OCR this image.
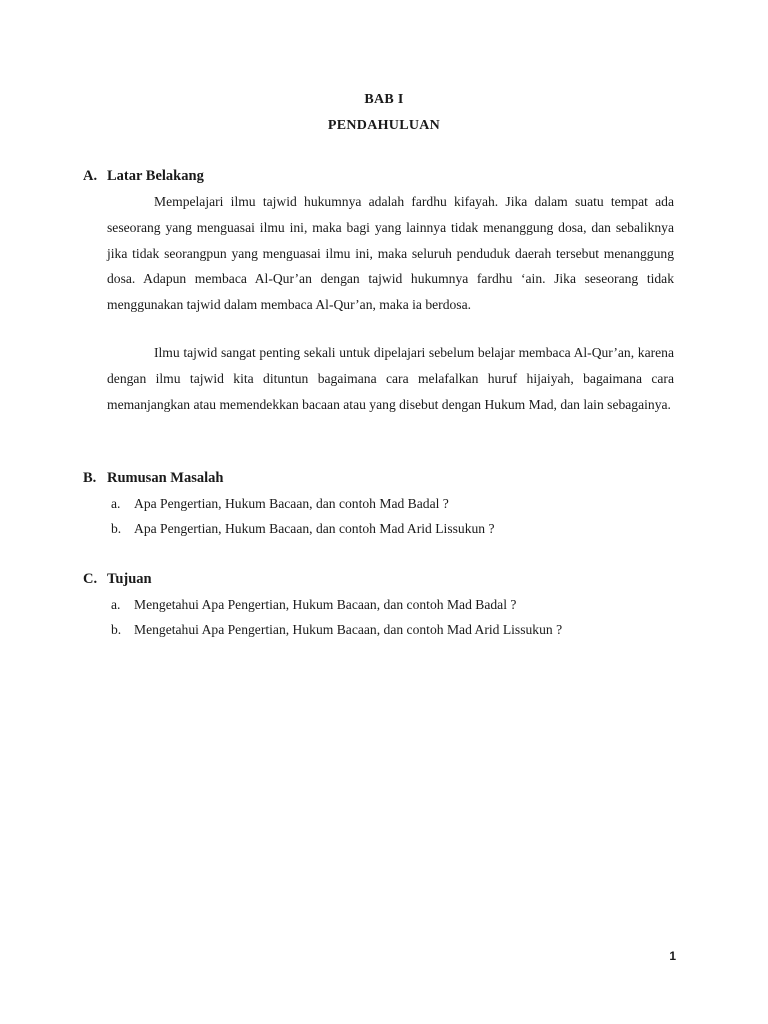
BAB I
PENDAHULUAN
A. Latar Belakang

Mempelajari ilmu tajwid hukumnya adalah fardhu kifayah. Jika dalam suatu tempat ada seseorang yang menguasai ilmu ini, maka bagi yang lainnya tidak menanggung dosa, dan sebaliknya jika tidak seorangpun yang menguasai ilmu ini, maka seluruh penduduk daerah tersebut menanggung dosa. Adapun membaca Al-Qur’an dengan tajwid hukumnya fardhu ‘ain. Jika seseorang tidak menggunakan tajwid dalam membaca Al-Qur’an, maka ia berdosa.

Ilmu tajwid sangat penting sekali untuk dipelajari sebelum belajar membaca Al-Qur’an, karena dengan ilmu tajwid kita dituntun bagaimana cara melafalkan huruf hijaiyah, bagaimana cara memanjangkan atau memendekkan bacaan atau yang disebut dengan Hukum Mad, dan lain sebagainya.

B. Rumusan Masalah
a. Apa Pengertian, Hukum Bacaan, dan contoh Mad Badal ?
b. Apa Pengertian, Hukum Bacaan, dan contoh Mad Arid Lissukun ?
C. Tujuan
a. Mengetahui Apa Pengertian, Hukum Bacaan, dan contoh Mad Badal ?
b. Mengetahui Apa Pengertian, Hukum Bacaan, dan contoh Mad Arid Lissukun ?
1
